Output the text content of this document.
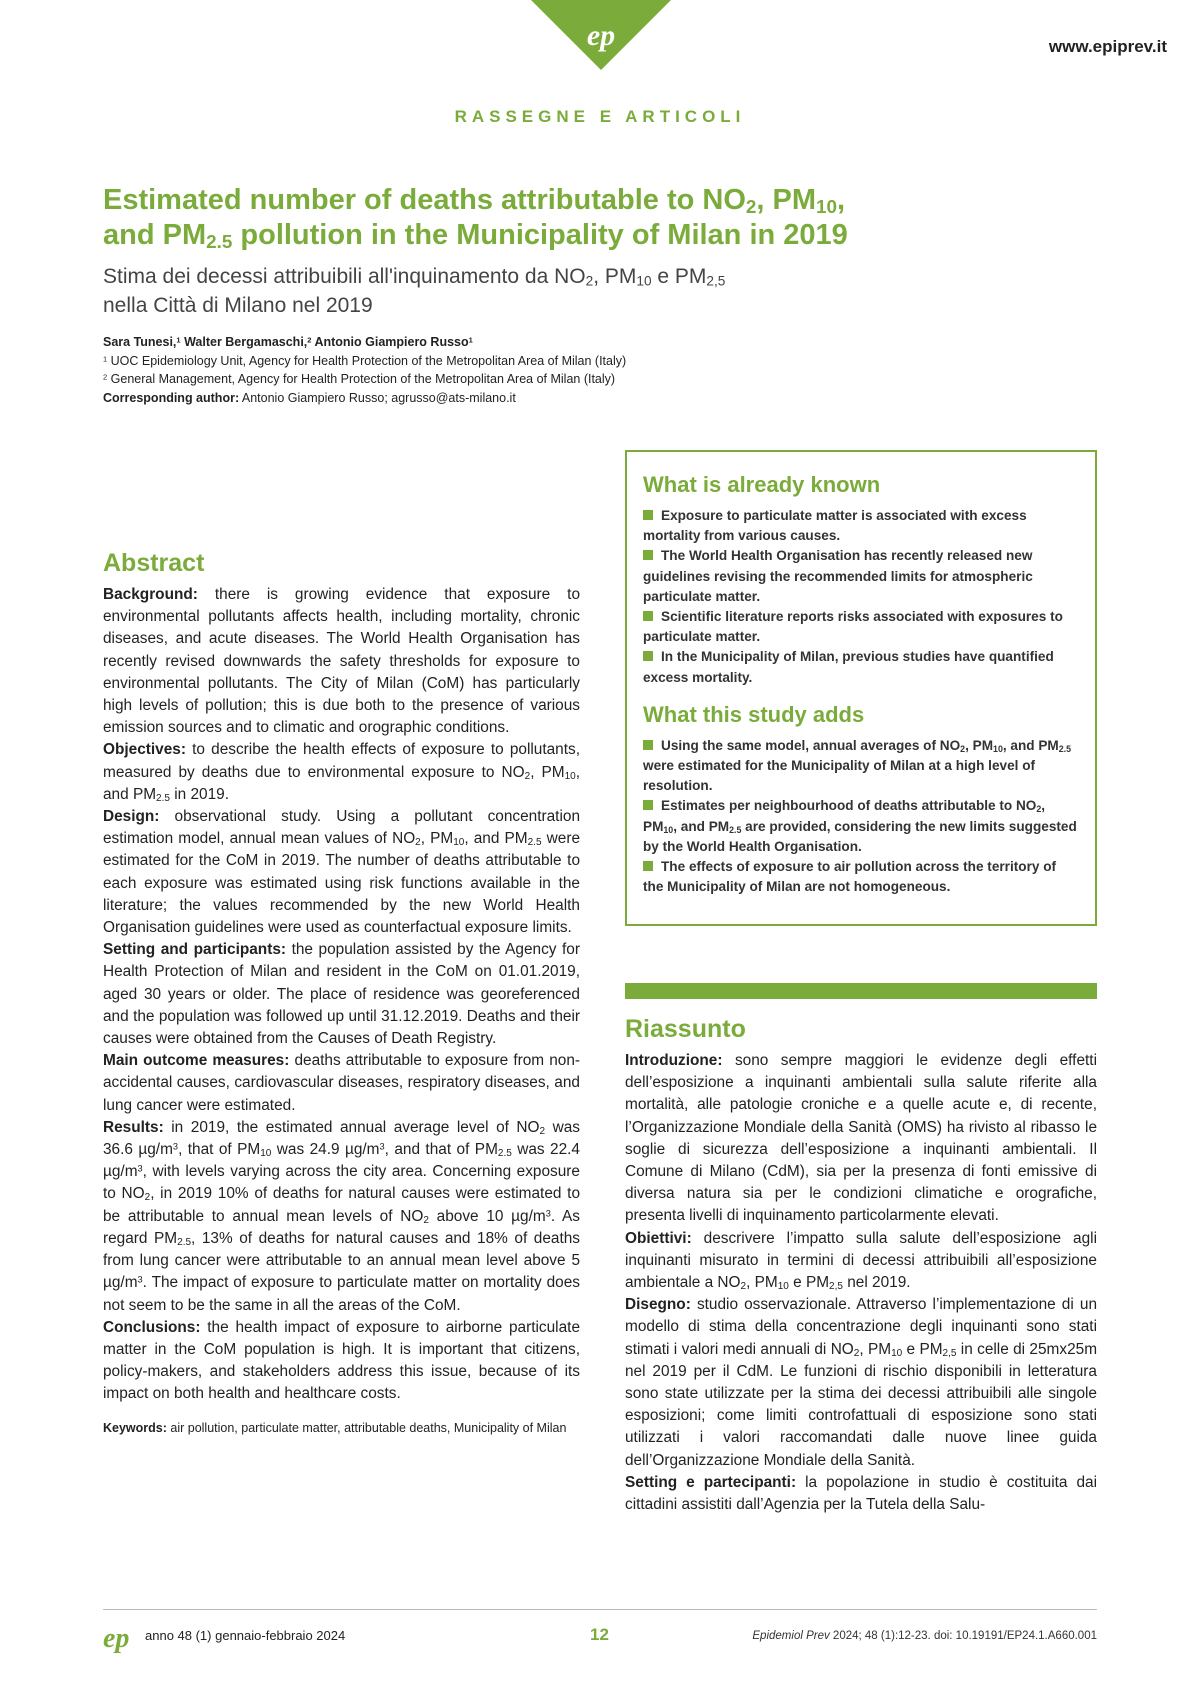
ep	www.epiprev.it
RASSEGNE E ARTICOLI
Estimated number of deaths attributable to $NO_2$, $PM_{10}$,
and $PM_{2.5}$ pollution in the Municipality of Milan in 2019
Stima dei decessi attribuibili all'inquinamento da $NO_2$, $PM_{10}$ e $PM_{2,5}$
nella Città di Milano nel 2019
Sara Tunesi,$^1$ Walter Bergamaschi,$^2$ Antonio Giampiero Russo$^1$
$^1$ UOC Epidemiology Unit, Agency for Health Protection of the Metropolitan Area of Milan (Italy)
$^2$ General Management, Agency for Health Protection of the Metropolitan Area of Milan (Italy)
Corresponding author: Antonio Giampiero Russo; agrusso@ats-milano.it
Abstract

Background: there is growing evidence that exposure to environmental pollutants affects health, including mortality, chronic diseases, and acute diseases. The World Health Organisation has recently revised downwards the safety thresholds for exposure to environmental pollutants. The City of Milan (CoM) has particularly high levels of pollution; this is due both to the presence of various emission sources and to climatic and orographic conditions.

Objectives: to describe the health effects of exposure to pollutants, measured by deaths due to environmental exposure to $NO_2$, $PM_{10}$, and $PM_{2.5}$ in 2019.

Design: observational study. Using a pollutant concentration estimation model, annual mean values of $NO_2$, $PM_{10}$, and $PM_{2.5}$ were estimated for the CoM in 2019. The number of deaths attributable to each exposure was estimated using risk functions available in the literature; the values recommended by the new World Health Organisation guidelines were used as counterfactual exposure limits.

Setting and participants: the population assisted by the Agency for Health Protection of Milan and resident in the CoM on 01.01.2019, aged 30 years or older. The place of residence was georeferenced and the population was followed up until 31.12.2019. Deaths and their causes were obtained from the Causes of Death Registry.

Main outcome measures: deaths attributable to exposure from non-accidental causes, cardiovascular diseases, respiratory diseases, and lung cancer were estimated.

Results: in 2019, the estimated annual average level of $NO_2$ was 36.6 $\mu g/m^3$, that of $PM_{10}$ was 24.9 $\mu g/m^3$, and that of $PM_{2.5}$ was 22.4 $\mu g/m^3$, with levels varying across the city area. Concerning exposure to $NO_2$, in 2019 10% of deaths for natural causes were estimated to be attributable to annual mean levels of $NO_2$ above 10 $\mu g/m^3$. As regard $PM_{2.5}$, 13% of deaths for natural causes and 18% of deaths from lung cancer were attributable to an annual mean level above 5 $\mu g/m^3$. The impact of exposure to particulate matter on mortality does not seem to be the same in all the areas of the CoM.

Conclusions: the health impact of exposure to airborne particulate matter in the CoM population is high. It is important that citizens, policy-makers, and stakeholders address this issue, because of its impact on both health and healthcare costs.

Keywords: air pollution, particulate matter, attributable deaths, Municipality of Milan
What is already known
Exposure to particulate matter is associated with excess mortality from various causes.
The World Health Organisation has recently released new guidelines revising the recommended limits for atmospheric particulate matter.
Scientific literature reports risks associated with exposures to particulate matter.
In the Municipality of Milan, previous studies have quantified excess mortality.
What this study adds
Using the same model, annual averages of $NO_2$, $PM_{10}$, and $PM_{2.5}$ were estimated for the Municipality of Milan at a high level of resolution.
Estimates per neighbourhood of deaths attributable to $NO_2$, $PM_{10}$, and $PM_{2.5}$ are provided, considering the new limits suggested by the World Health Organisation.
The effects of exposure to air pollution across the territory of the Municipality of Milan are not homogeneous.
Riassunto

Introduzione: sono sempre maggiori le evidenze degli effetti dell’esposizione a inquinanti ambientali sulla salute riferite alla mortalità, alle patologie croniche e a quelle acute e, di recente, l’Organizzazione Mondiale della Sanità (OMS) ha rivisto al ribasso le soglie di sicurezza dell’esposizione a inquinanti ambientali. Il Comune di Milano (CdM), sia per la presenza di fonti emissive di diversa natura sia per le condizioni climatiche e orografiche, presenta livelli di inquinamento particolarmente elevati.

Obiettivi: descrivere l’impatto sulla salute dell’esposizione agli inquinanti misurato in termini di decessi attribuibili all’esposizione ambientale a $NO_2$, $PM_{10}$ e $PM_{2,5}$ nel 2019.

Disegno: studio osservazionale. Attraverso l’implementazione di un modello di stima della concentrazione degli inquinanti sono stati stimati i valori medi annuali di $NO_2$, $PM_{10}$ e $PM_{2,5}$ in celle di 25mx25m nel 2019 per il CdM. Le funzioni di rischio disponibili in letteratura sono state utilizzate per la stima dei decessi attribuibili alle singole esposizioni; come limiti controfattuali di esposizione sono stati utilizzati i valori raccomandati dalle nuove linee guida dell’Organizzazione Mondiale della Sanità.

Setting e partecipanti: la popolazione in studio è costituita dai cittadini assistiti dall’Agenzia per la Tutela della Salu-

ep anno 48 (1) gennaio-febbraio 2024	12	Epidemiol Prev 2024; 48 (1):12-23. doi: 10.19191/EP24.1.A660.001
